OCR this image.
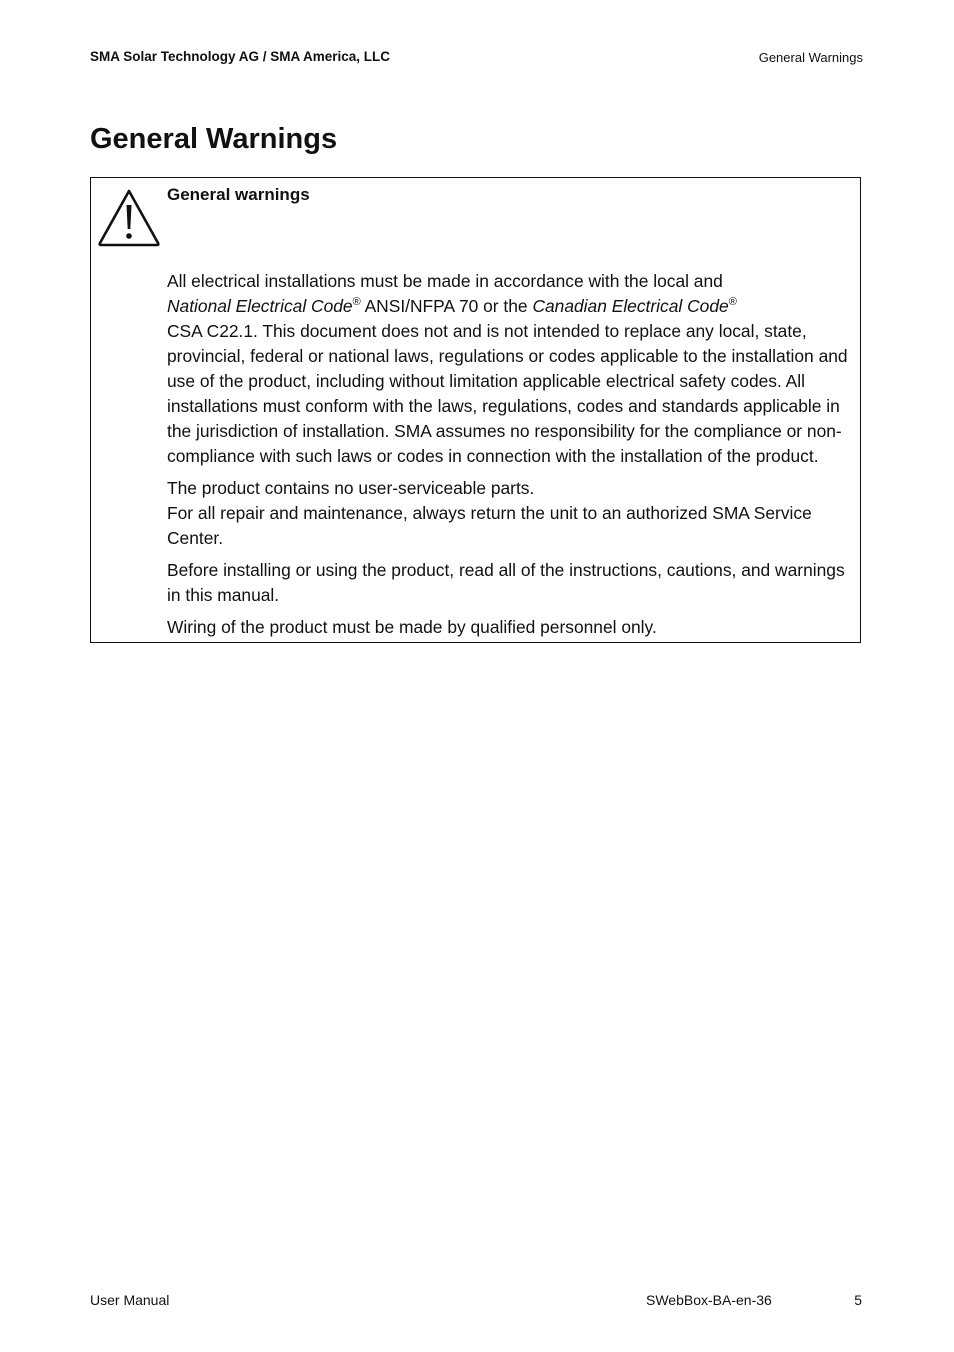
SMA Solar Technology AG / SMA America, LLC	General Warnings
General Warnings
General warnings

All electrical installations must be made in accordance with the local and
National Electrical Code® ANSI/NFPA 70 or the Canadian Electrical Code®
CSA C22.1. This document does not and is not intended to replace any local, state, provincial, federal or national laws, regulations or codes applicable to the installation and use of the product, including without limitation applicable electrical safety codes. All installations must conform with the laws, regulations, codes and standards applicable in the jurisdiction of installation. SMA assumes no responsibility for the compliance or non-compliance with such laws or codes in connection with the installation of the product.

The product contains no user-serviceable parts.

For all repair and maintenance, always return the unit to an authorized SMA Service Center.

Before installing or using the product, read all of the instructions, cautions, and warnings in this manual.

Wiring of the product must be made by qualified personnel only.

User Manual	SWebBox-BA-en-36	5
